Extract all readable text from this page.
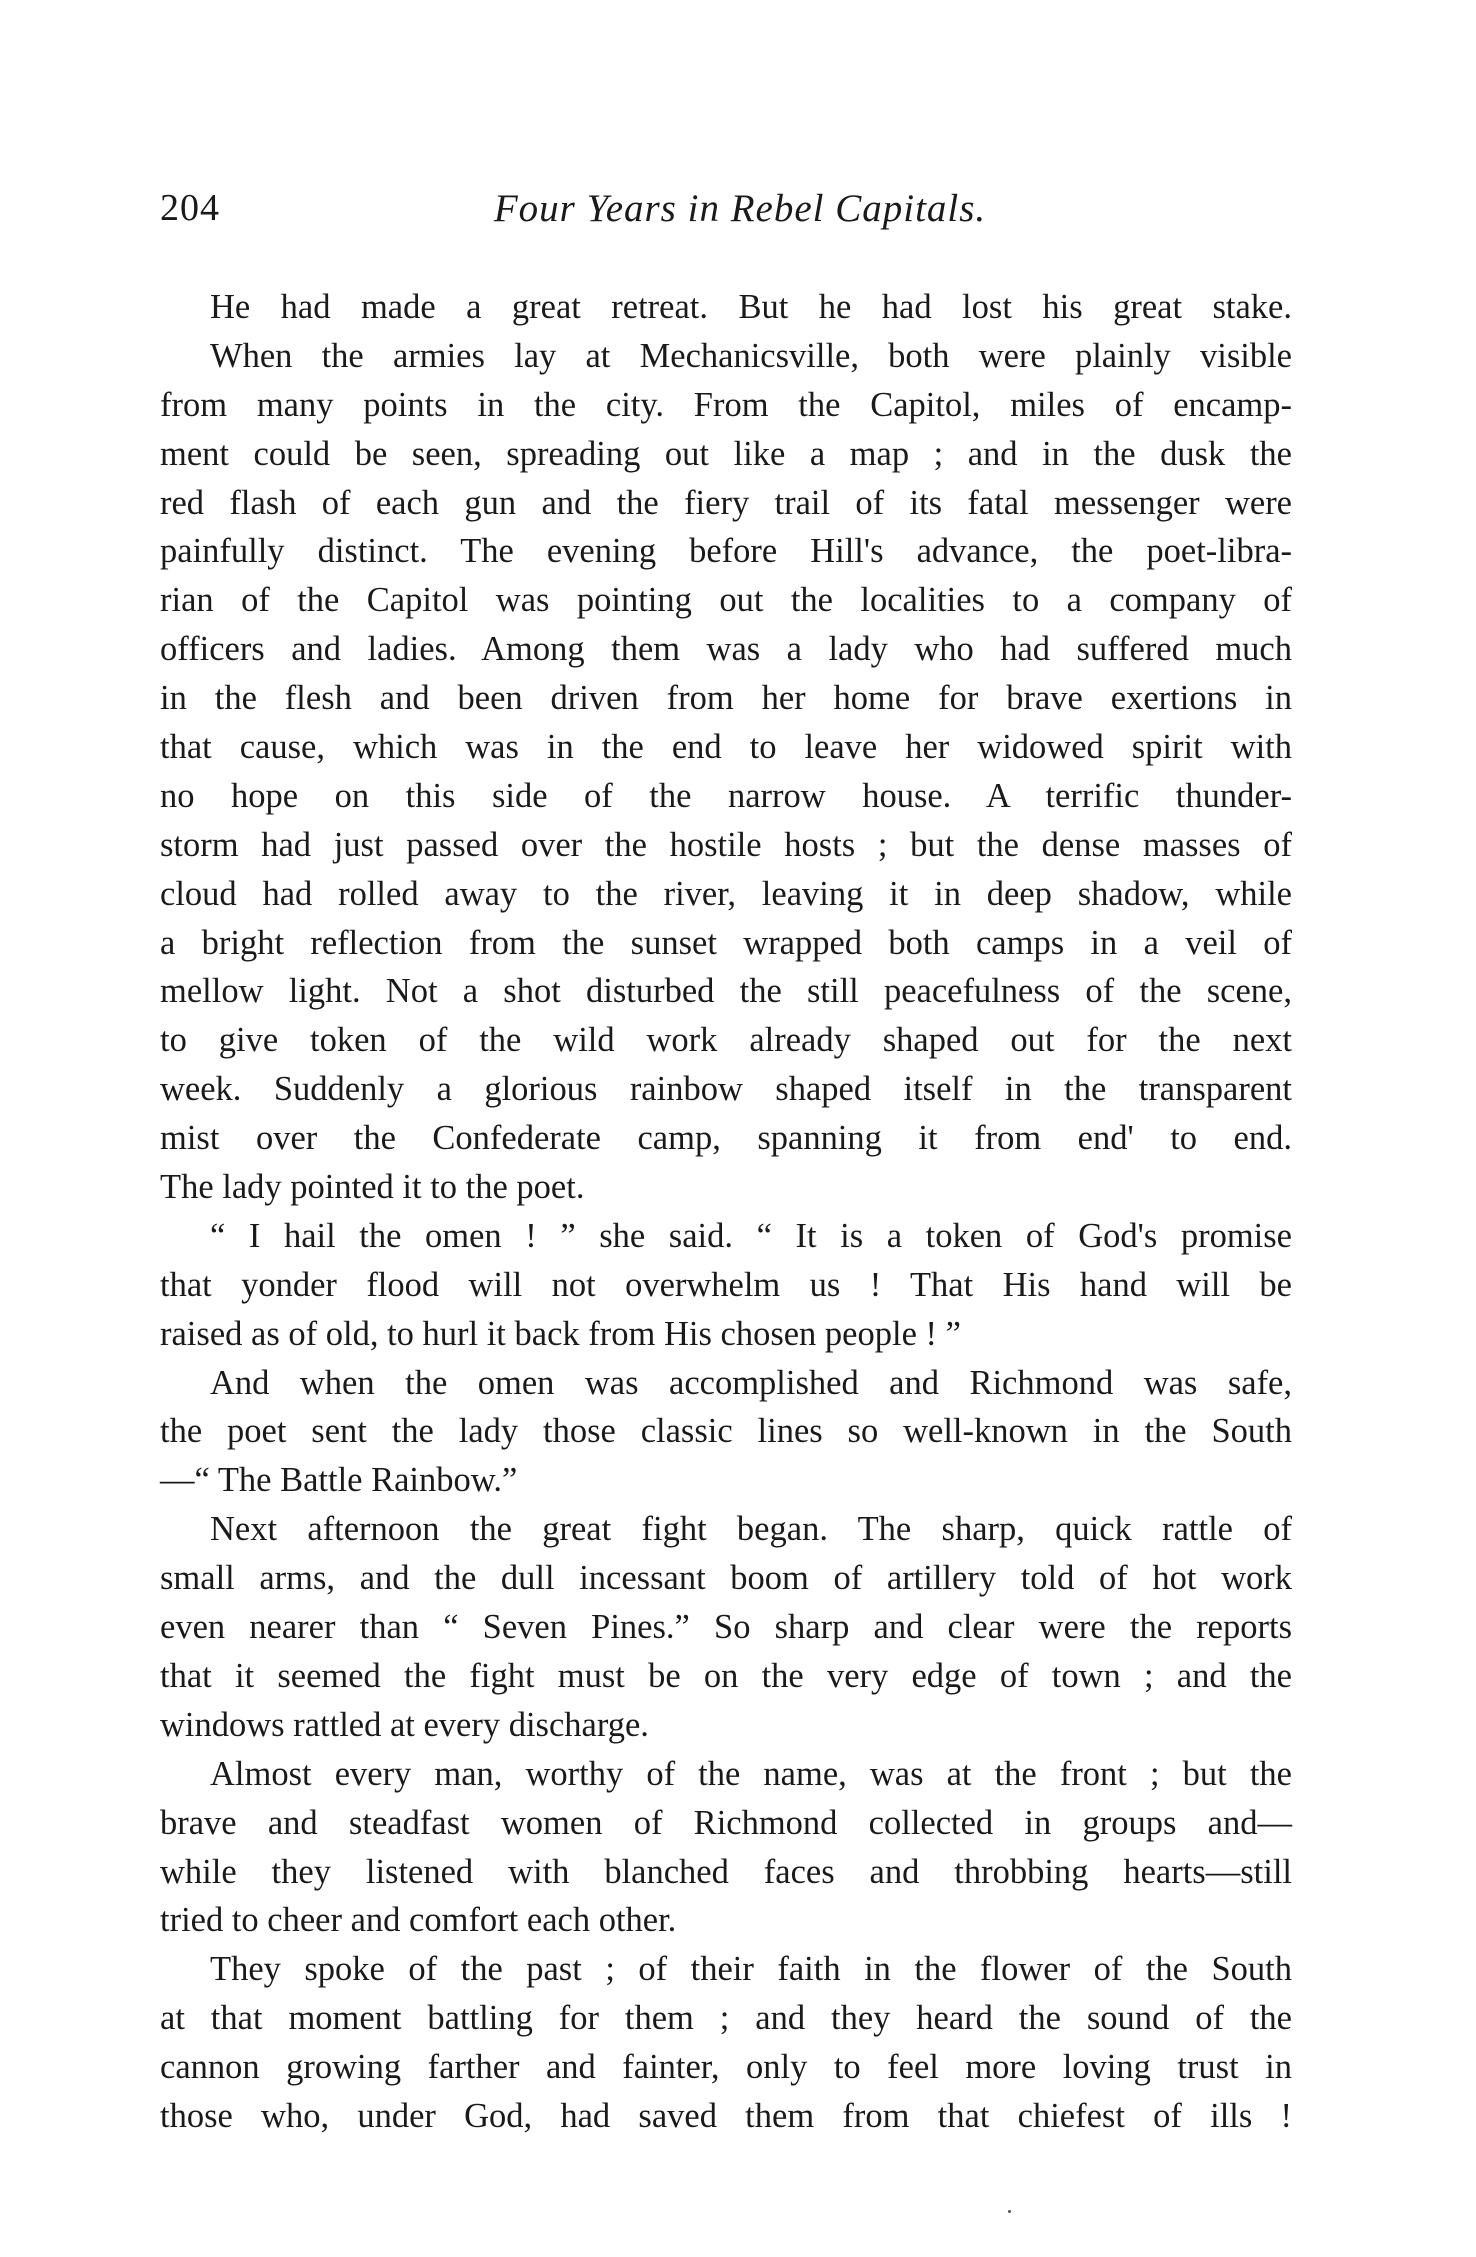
204	Four Years in Rebel Capitals.
He had made a great retreat. But he had lost his great stake.
When the armies lay at Mechanicsville, both were plainly visible
from many points in the city. From the Capitol, miles of encamp-
ment could be seen, spreading out like a map ; and in the dusk the
red flash of each gun and the fiery trail of its fatal messenger were
painfully distinct. The evening before Hill's advance, the poet-libra-
rian of the Capitol was pointing out the localities to a company of
officers and ladies. Among them was a lady who had suffered much
in the flesh and been driven from her home for brave exertions in
that cause, which was in the end to leave her widowed spirit with
no hope on this side of the narrow house. A terrific thunder-
storm had just passed over the hostile hosts ; but the dense masses of
cloud had rolled away to the river, leaving it in deep shadow, while
a bright reflection from the sunset wrapped both camps in a veil of
mellow light. Not a shot disturbed the still peacefulness of the scene,
to give token of the wild work already shaped out for the next
week. Suddenly a glorious rainbow shaped itself in the transparent
mist over the Confederate camp, spanning it from end' to end.
The lady pointed it to the poet.
“ I hail the omen ! ” she said. “ It is a token of God's promise
that yonder flood will not overwhelm us ! That His hand will be
raised as of old, to hurl it back from His chosen people ! ”
And when the omen was accomplished and Richmond was safe,
the poet sent the lady those classic lines so well-known in the South
—“ The Battle Rainbow.”
Next afternoon the great fight began. The sharp, quick rattle of
small arms, and the dull incessant boom of artillery told of hot work
even nearer than “ Seven Pines.” So sharp and clear were the reports
that it seemed the fight must be on the very edge of town ; and the
windows rattled at every discharge.
Almost every man, worthy of the name, was at the front ; but the
brave and steadfast women of Richmond collected in groups and—
while they listened with blanched faces and throbbing hearts—still
tried to cheer and comfort each other.
They spoke of the past ; of their faith in the flower of the South
at that moment battling for them ; and they heard the sound of the
cannon growing farther and fainter, only to feel more loving trust in
those who, under God, had saved them from that chiefest of ills !
